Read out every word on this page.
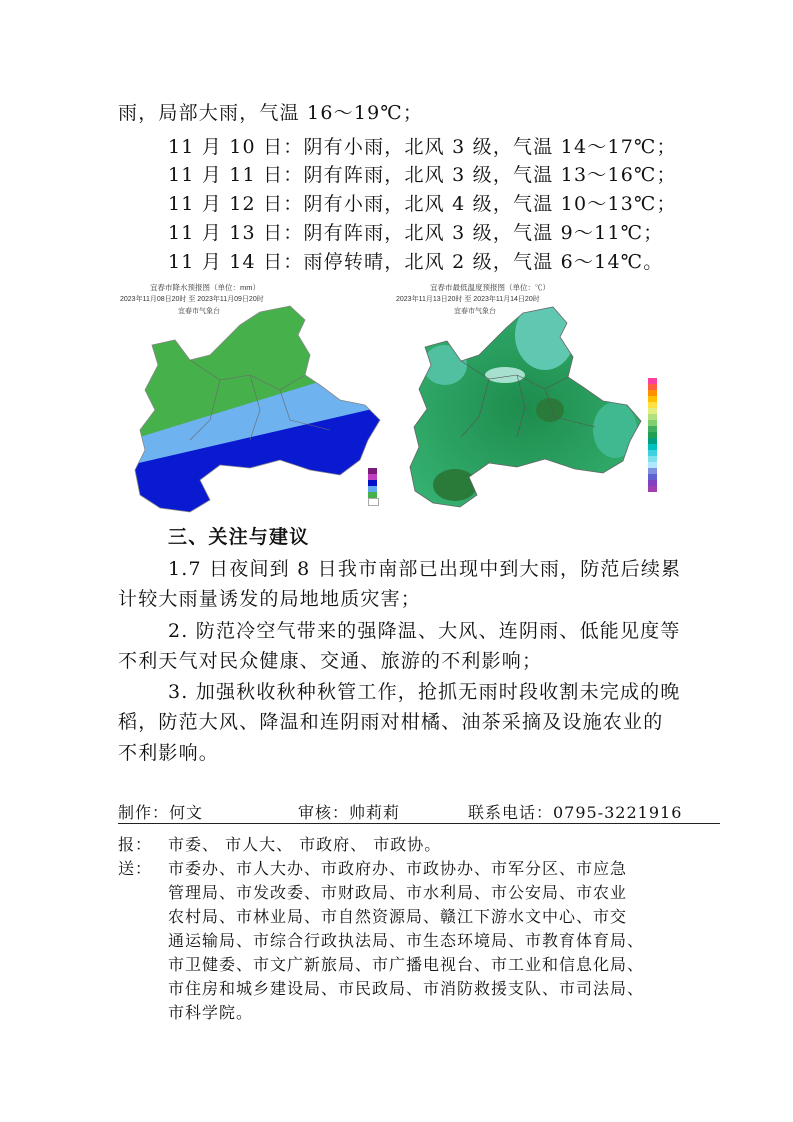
雨，局部大雨，气温 16～19℃；
11 月 10 日：阴有小雨，北风 3 级，气温 14～17℃；
11 月 11 日：阴有阵雨，北风 3 级，气温 13～16℃；
11 月 12 日：阴有小雨，北风 4 级，气温 10～13℃；
11 月 13 日：阴有阵雨，北风 3 级，气温 9～11℃；
11 月 14 日：雨停转晴，北风 2 级，气温 6～14℃。
宜春市降水预报图（单位：mm）
2023年11月08日20时 至 2023年11月09日20时
宜春市气象台
宜春市最低温度预报图（单位：℃）
2023年11月13日20时 至 2023年11月14日20时
宜春市气象台
三、关注与建议
1.7 日夜间到 8 日我市南部已出现中到大雨，防范后续累
计较大雨量诱发的局地地质灾害；
2. 防范冷空气带来的强降温、大风、连阴雨、低能见度等
不利天气对民众健康、交通、旅游的不利影响；
3. 加强秋收秋种秋管工作，抢抓无雨时段收割未完成的晚
稻，防范大风、降温和连阴雨对柑橘、油茶采摘及设施农业的
不利影响。
制作：何文	审核：帅莉莉	联系电话：0795-3221916
报： 市委、 市人大、 市政府、 市政协。
送： 市委办、市人大办、市政府办、市政协办、市军分区、市应急
管理局、市发改委、市财政局、市水利局、市公安局、市农业
农村局、市林业局、市自然资源局、赣江下游水文中心、市交
通运输局、市综合行政执法局、市生态环境局、市教育体育局、
市卫健委、市文广新旅局、市广播电视台、市工业和信息化局、
市住房和城乡建设局、市民政局、市消防救援支队、市司法局、
市科学院。
